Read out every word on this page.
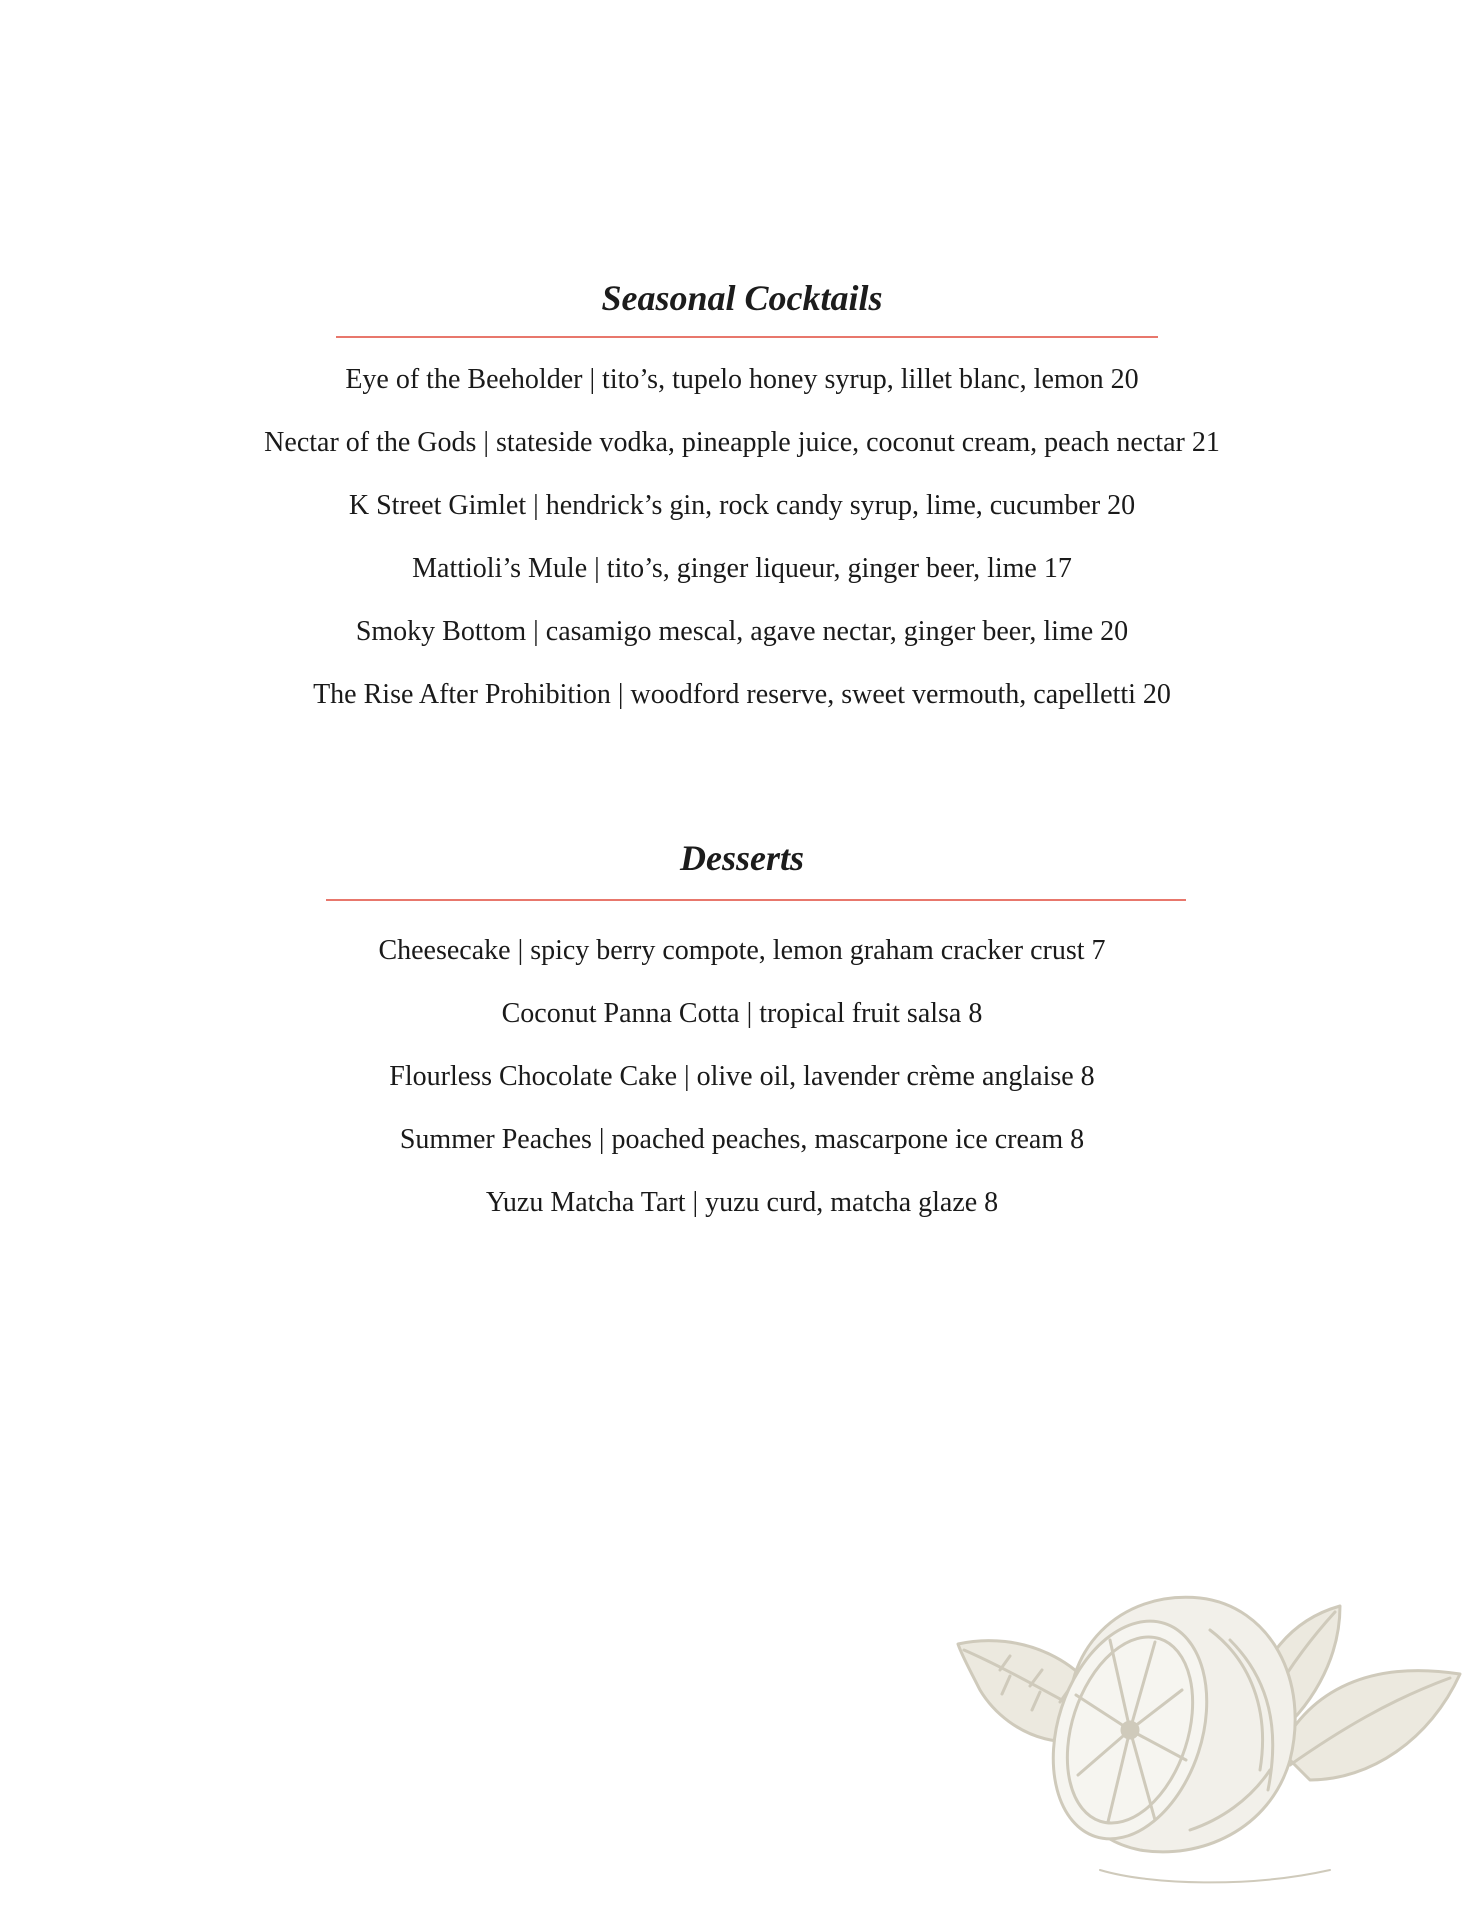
Seasonal Cocktails
Eye of the Beeholder | tito’s, tupelo honey syrup, lillet blanc, lemon 20
Nectar of the Gods | stateside vodka, pineapple juice, coconut cream, peach nectar 21
K Street Gimlet | hendrick’s gin, rock candy syrup, lime, cucumber 20
Mattioli’s Mule | tito’s, ginger liqueur, ginger beer, lime 17
Smoky Bottom | casamigo mescal, agave nectar, ginger beer, lime 20
The Rise After Prohibition | woodford reserve, sweet vermouth, capelletti 20
Desserts
Cheesecake | spicy berry compote, lemon graham cracker crust 7
Coconut Panna Cotta | tropical fruit salsa 8
Flourless Chocolate Cake | olive oil, lavender crème anglaise 8
Summer Peaches | poached peaches, mascarpone ice cream 8
Yuzu Matcha Tart | yuzu curd, matcha glaze 8
